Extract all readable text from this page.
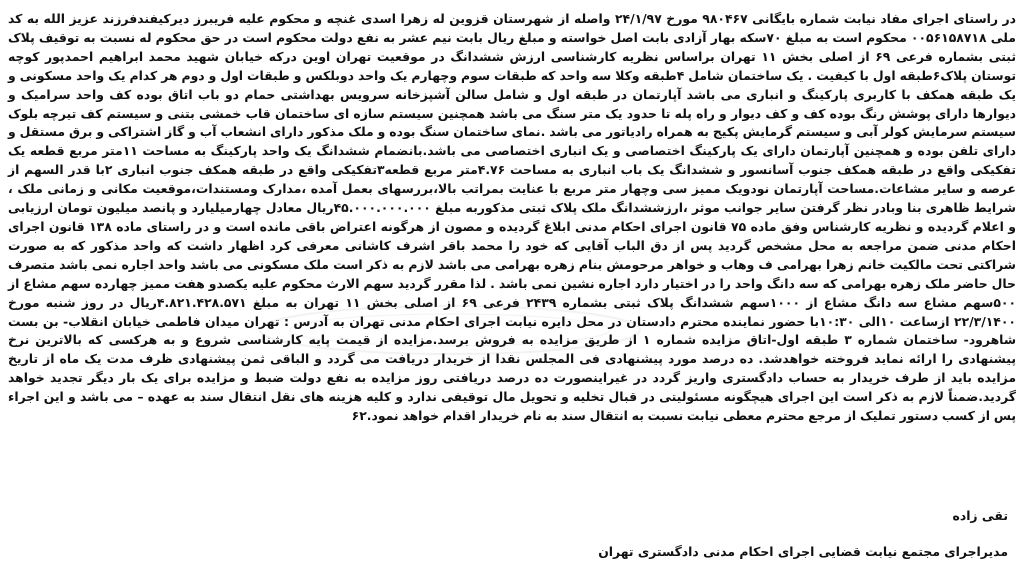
در راستای اجرای مفاد نیابت شماره بایگانی ۹۸۰۴۶۷ مورخ ۲۴/۱/۹۷ واصله از شهرستان قزوین له زهرا اسدی غنچه و محکوم علیه فریبرز دیرکیفندفرزند عزیز الله به کد ملی ۰۰۵۶۱۵۸۷۱۸ محکوم است به مبلغ ۷۰سکه بهار آزادی بابت اصل خواسته و مبلغ ریال بابت نیم عشر به نفع دولت محکوم است در حق محکوم له نسبت به توقیف پلاک ثبتی بشماره فرعی ۶۹ از اصلی بخش ۱۱ تهران براساس نظریه کارشناسی ارزش ششدانگ در موقعیت تهران اوین درکه خیابان شهید محمد ابراهیم احمدپور کوچه توستان پلاک۶طبقه اول با کیفیت . یک ساختمان شامل ۴طبقه وکلا سه واحد که طبقات سوم وچهارم یک واحد دوبلکس و طبقات اول و دوم هر کدام یک واحد مسکونی و یک طبقه همکف با کاربری پارکینگ و انباری می باشد آپارتمان در طبقه اول و شامل سالن آشپزخانه سرویس بهداشتی حمام دو باب اتاق بوده کف واحد سرامیک و دیوارها دارای پوشش رنگ بوده کف و کف دیوار و راه پله تا حدود یک متر سنگ می باشد همچنین سیستم سازه ای ساختمان قاب خمشی بتنی و سیستم کف تیرچه بلوک سیستم سرمایش کولر آبی و سیستم گرمایش پکیج به همراه رادیاتور می باشد .نمای ساختمان سنگ بوده و ملک مذکور دارای انشعاب آب و گاز اشتراکی و برق مستقل و دارای تلفن بوده و همچنین آپارتمان دارای یک پارکینگ اختصاصی و یک انباری اختصاصی می باشد.بانضمام ششدانگ یک واحد پارکینگ به مساحت ۱۱متر مربع قطعه یک تفکیکی واقع در طبقه همکف جنوب آسانسور و ششدانگ یک باب انباری به مساحت ۴.۷۶متر مربع قطعه۳تفکیکی واقع در طبقه همکف جنوب انباری ۲با قدر السهم از عرصه و سایر مشاعات.مساحت آپارتمان نودویک ممیز سی وچهار متر مربع با عنایت بمراتب بالا،بررسهای بعمل آمده ،مدارک ومستندات،موقعیت مکانی و زمانی ملک ، شرایط ظاهری بنا وبادر نظر گرفتن سایر جوانب موثر ،ارزششدانگ ملک پلاک ثبتی مذکوربه مبلغ ۴۵.۰۰۰.۰۰۰.۰۰۰ریال معادل چهارمیلیارد و پانصد میلیون تومان ارزیابی و اعلام گردیده و نظریه کارشناس وفق ماده ۷۵ قانون اجرای احکام مدنی ابلاغ گردیده و مصون از هرگونه اعتراض باقی مانده است و در راستای ماده ۱۳۸ قانون اجرای احکام مدنی ضمن مراجعه به محل مشخص گردید پس از دق الباب آقایی که خود را محمد باقر اشرف کاشانی معرفی کرد اظهار داشت که واحد مذکور که به صورت شراکتی تحت مالکیت خانم زهرا بهرامی ف وهاب و خواهر مرحومش بنام زهره بهرامی می باشد لازم به ذکر است ملک مسکونی می باشد واحد اجاره نمی باشد متصرف حال حاضر ملک زهره بهرامی که سه دانگ واحد را در اختیار دارد اجاره نشین نمی باشد . لذا مقرر گردید سهم الارث محکوم علیه یکصدو هفت ممیز چهارده سهم مشاع از ۵۰۰سهم مشاع سه دانگ مشاع از ۱۰۰۰سهم ششدانگ پلاک ثبتی بشماره ۲۴۳۹ فرعی ۶۹ از اصلی بخش ۱۱ تهران به مبلغ ۴.۸۲۱.۴۲۸.۵۷۱ریال در روز شنبه مورخ ۲۲/۳/۱۴۰۰ ازساعت ۱۰الی ۱۰:۳۰با حضور نماینده محترم دادستان در محل دایره نیابت اجرای احکام مدنی تهران به آدرس : تهران میدان فاطمی خیابان انقلاب- بن بست شاهرود- ساختمان شماره ۳ طبقه اول-اتاق مزایده شماره ۱ از طریق مزایده به فروش برسد.مزایده از قیمت پایه کارشناسی شروع و به هرکسی که بالاترین نرخ پیشنهادی را ارائه نماید فروخته خواهدشد. ده درصد مورد پیشنهادی فی المجلس نقدا از خریدار دریافت می گردد و الباقی ثمن پیشنهادی ظرف مدت یک ماه از تاریخ مزایده باید از طرف خریدار به حساب دادگستری واریز گردد در غیراینصورت ده درصد دریافتی روز مزایده به نفع دولت ضبط و مزایده برای یک بار دیگر تجدید خواهد گردید.ضمناً لازم به ذکر است این اجرای هیچگونه مسئولیتی در قبال تخلیه و تحویل مال توقیفی ندارد و کلیه هزینه های نقل انتقال سند به عهده – می باشد و این اجراء پس از کسب دستور تملیک از مرجع محترم معطی نیابت نسبت به انتقال سند به نام خریدار اقدام خواهد نمود.۶۲

تقی زاده
مدیراجرای مجتمع نیابت قضایی اجرای احکام مدنی دادگستری تهران
